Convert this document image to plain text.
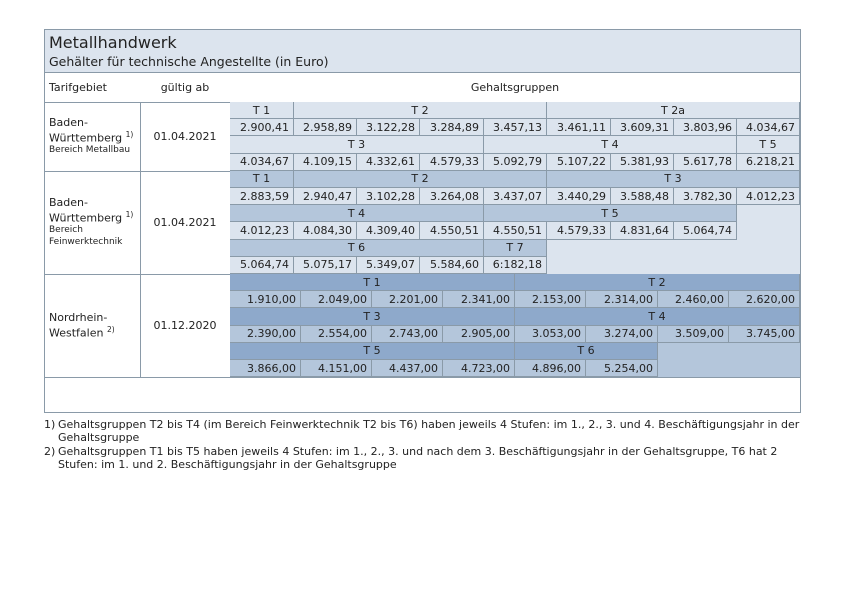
Metallhandwerk
Gehälter für technische Angestellte (in Euro)
Tarifgebiet	gültig ab	Gehaltsgruppen
Baden-
Württemberg $^{1)}$
Bereich Metallbau
01.04.2021
T 1	T 2	T 2a
2.900,41	2.958,89	3.122,28	3.284,89	3.457,13	3.461,11	3.609,31	3.803,96	4.034,67
T 3	T 4	T 5
4.034,67	4.109,15	4.332,61	4.579,33	5.092,79	5.107,22	5.381,93	5.617,78	6.218,21
Baden-
Württemberg $^{1)}$
Bereich Feinwerktechnik
01.04.2021
T 1	T 2	T 3
2.883,59	2.940,47	3.102,28	3.264,08	3.437,07	3.440,29	3.588,48	3.782,30	4.012,23
T 4	T 5
4.012,23	4.084,30	4.309,40	4.550,51	4.550,51	4.579,33	4.831,64	5.064,74
T 6	T 7
5.064,74	5.075,17	5.349,07	5.584,60	6:182,18
Nordrhein-
Westfalen $^{2)}$	01.12.2020
T 1	T 2
1.910,00	2.049,00	2.201,00	2.341,00	2.153,00	2.314,00	2.460,00	2.620,00
T 3	T 4
2.390,00	2.554,00	2.743,00	2.905,00	3.053,00	3.274,00	3.509,00	3.745,00
T 5	T 6
3.866,00	4.151,00	4.437,00	4.723,00	4.896,00	5.254,00
1) Gehaltsgruppen T2 bis T4 (im Bereich Feinwerktechnik T2 bis T6) haben jeweils 4 Stufen: im 1., 2., 3. und 4. Beschäftigungsjahr in der Gehaltsgruppe
2) Gehaltsgruppen T1 bis T5 haben jeweils 4 Stufen: im 1., 2., 3. und nach dem 3. Beschäftigungsjahr in der Gehaltsgruppe, T6 hat 2 Stufen: im 1. und 2. Beschäftigungsjahr in der Gehaltsgruppe
